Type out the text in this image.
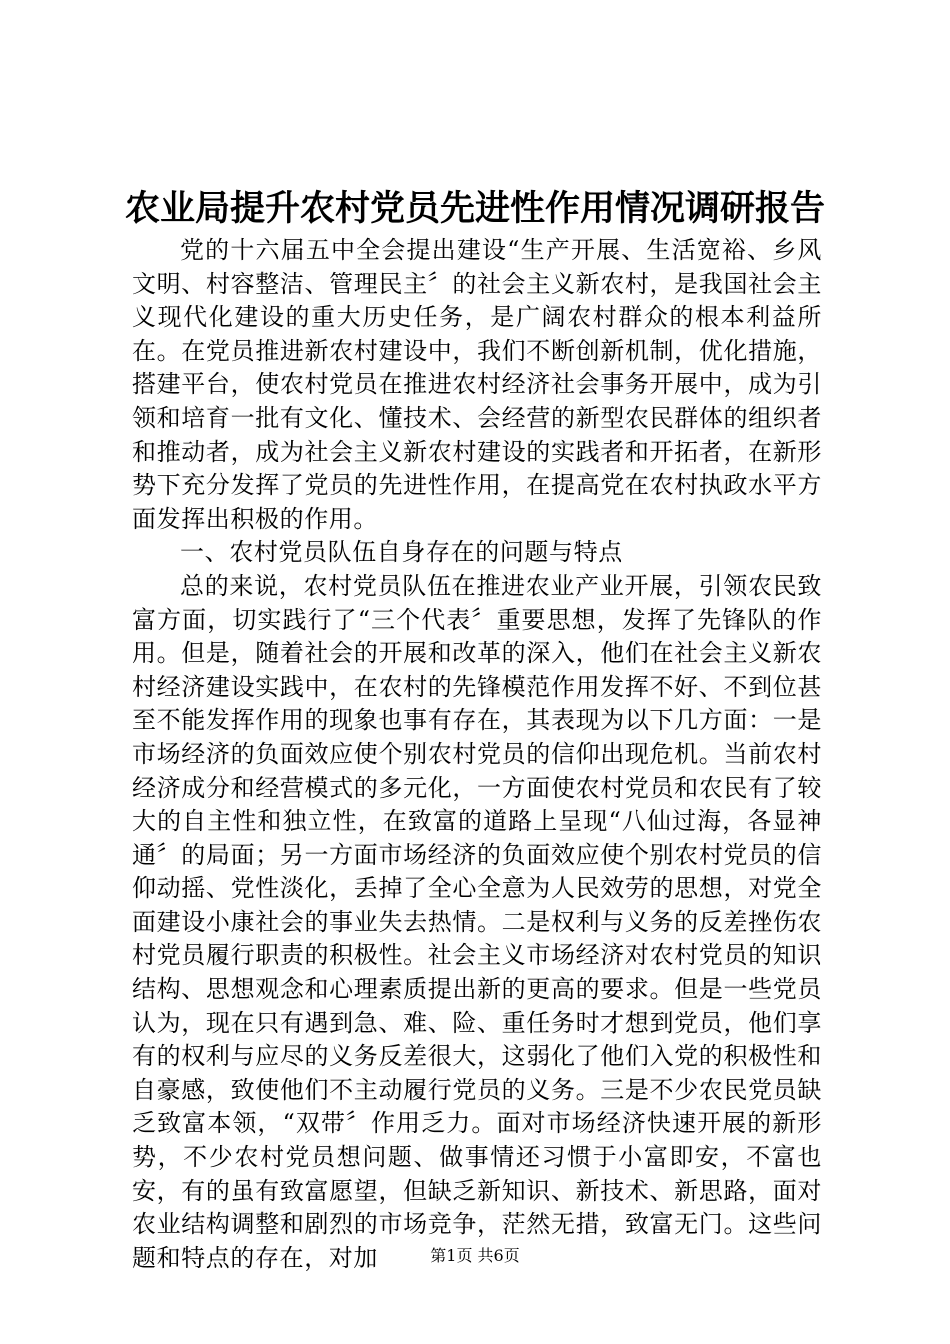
农业局提升农村党员先进性作用情况调研报告

党的十六届五中全会提出建设“生产开展、生活宽裕、乡风文明、村容整洁、管理民主〞的社会主义新农村，是我国社会主义现代化建设的重大历史任务，是广阔农村群众的根本利益所在。在党员推进新农村建设中，我们不断创新机制，优化措施，搭建平台，使农村党员在推进农村经济社会事务开展中，成为引领和培育一批有文化、懂技术、会经营的新型农民群体的组织者和推动者，成为社会主义新农村建设的实践者和开拓者，在新形势下充分发挥了党员的先进性作用，在提高党在农村执政水平方面发挥出积极的作用。

一、农村党员队伍自身存在的问题与特点

总的来说，农村党员队伍在推进农业产业开展，引领农民致富方面，切实践行了“三个代表〞重要思想，发挥了先锋队的作用。但是，随着社会的开展和改革的深入，他们在社会主义新农村经济建设实践中，在农村的先锋模范作用发挥不好、不到位甚至不能发挥作用的现象也事有存在，其表现为以下几方面：一是市场经济的负面效应使个别农村党员的信仰出现危机。当前农村经济成分和经营模式的多元化，一方面使农村党员和农民有了较大的自主性和独立性，在致富的道路上呈现“八仙过海，各显神通〞的局面；另一方面市场经济的负面效应使个别农村党员的信仰动摇、党性淡化，丢掉了全心全意为人民效劳的思想，对党全面建设小康社会的事业失去热情。二是权利与义务的反差挫伤农村党员履行职责的积极性。社会主义市场经济对农村党员的知识结构、思想观念和心理素质提出新的更高的要求。但是一些党员认为，现在只有遇到急、难、险、重任务时才想到党员，他们享有的权利与应尽的义务反差很大，这弱化了他们入党的积极性和自豪感，致使他们不主动履行党员的义务。三是不少农民党员缺乏致富本领，“双带〞作用乏力。面对市场经济快速开展的新形势，不少农村党员想问题、做事情还习惯于小富即安，不富也安，有的虽有致富愿望，但缺乏新知识、新技术、新思路，面对农业结构调整和剧烈的市场竞争，茫然无措，致富无门。这些问题和特点的存在，对加	第1页 共6页
